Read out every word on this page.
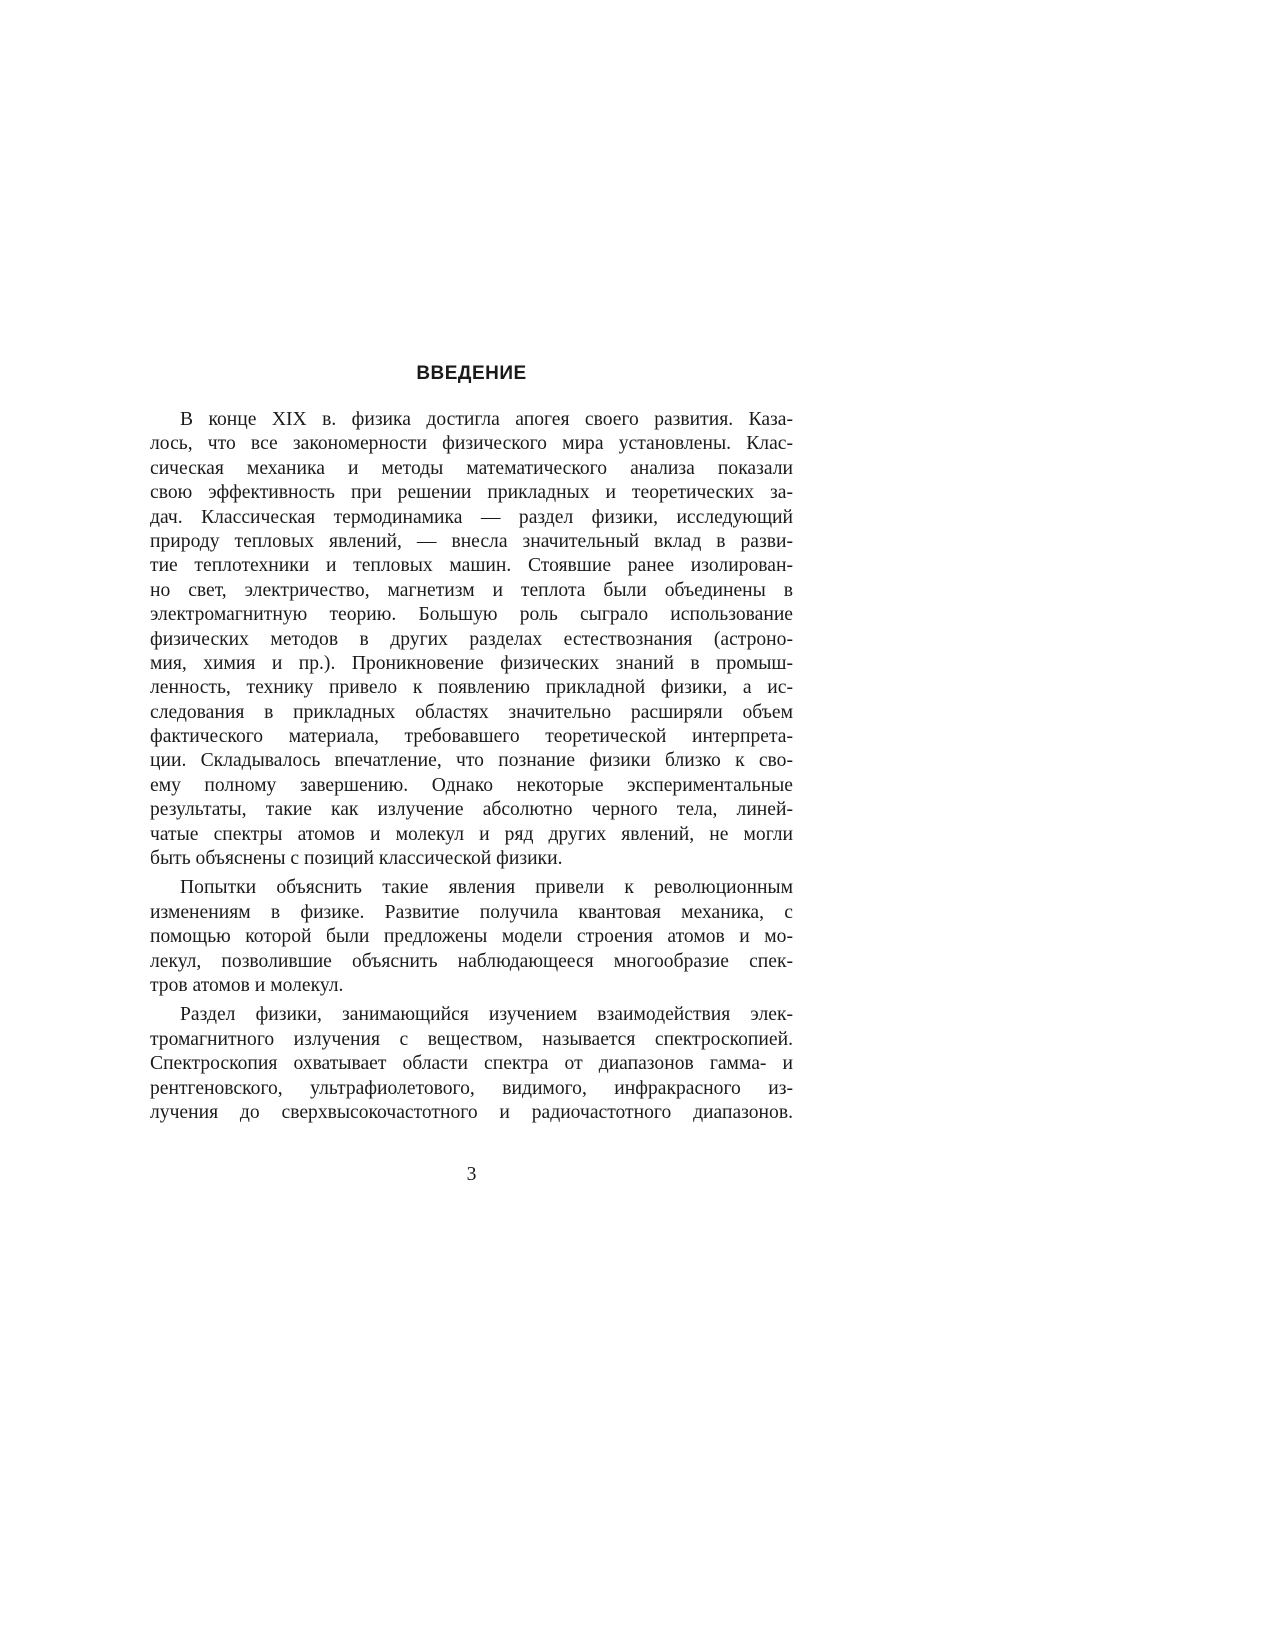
ВВЕДЕНИЕ
В конце XIX в. физика достигла апогея своего развития. Каза-
лось, что все закономерности физического мира установлены. Клас-
сическая механика и методы математического анализа показали
свою эффективность при решении прикладных и теоретических за-
дач. Классическая термодинамика — раздел физики, исследующий
природу тепловых явлений, — внесла значительный вклад в разви-
тие теплотехники и тепловых машин. Стоявшие ранее изолирован-
но свет, электричество, магнетизм и теплота были объединены в
электромагнитную теорию. Большую роль сыграло использование
физических методов в других разделах естествознания (астроно-
мия, химия и пр.). Проникновение физических знаний в промыш-
ленность, технику привело к появлению прикладной физики, а ис-
следования в прикладных областях значительно расширяли объем
фактического материала, требовавшего теоретической интерпрета-
ции. Складывалось впечатление, что познание физики близко к сво-
ему полному завершению. Однако некоторые экспериментальные
результаты, такие как излучение абсолютно черного тела, линей-
чатые спектры атомов и молекул и ряд других явлений, не могли
быть объяснены с позиций классической физики.
Попытки объяснить такие явления привели к революционным
изменениям в физике. Развитие получила квантовая механика, с
помощью которой были предложены модели строения атомов и мо-
лекул, позволившие объяснить наблюдающееся многообразие спек-
тров атомов и молекул.
Раздел физики, занимающийся изучением взаимодействия элек-
тромагнитного излучения с веществом, называется спектроскопией.
Спектроскопия охватывает области спектра от диапазонов гамма- и
рентгеновского, ультрафиолетового, видимого, инфракрасного из-
лучения до сверхвысокочастотного и радиочастотного диапазонов.
3
